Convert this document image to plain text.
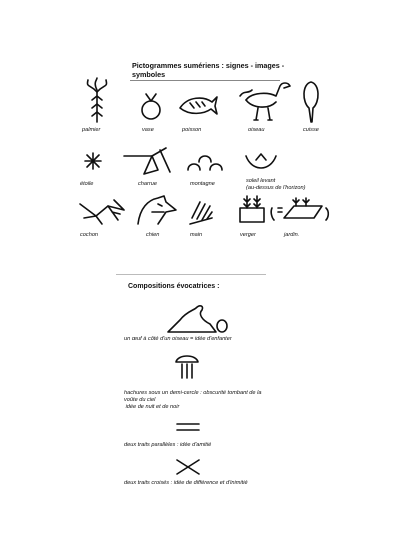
Pictogrammes sumériens : signes - images - symboles

palmier	vase	poisson	oiseau	cuisse
étoile	charrue	montagne	soleil levant
(au-dessus de l'horizon)
cochon	chien	main	verger	jardin.

Compositions évocatrices :

un œuf à côté d'un oiseau = idée d'enfanter
hachures sous un demi-cercle : obscurité tombant de la voûte du ciel
idée de nuit et de noir
deux traits parallèles : idée d'amitié
deux traits croisés : idée de différence et d'inimitié
